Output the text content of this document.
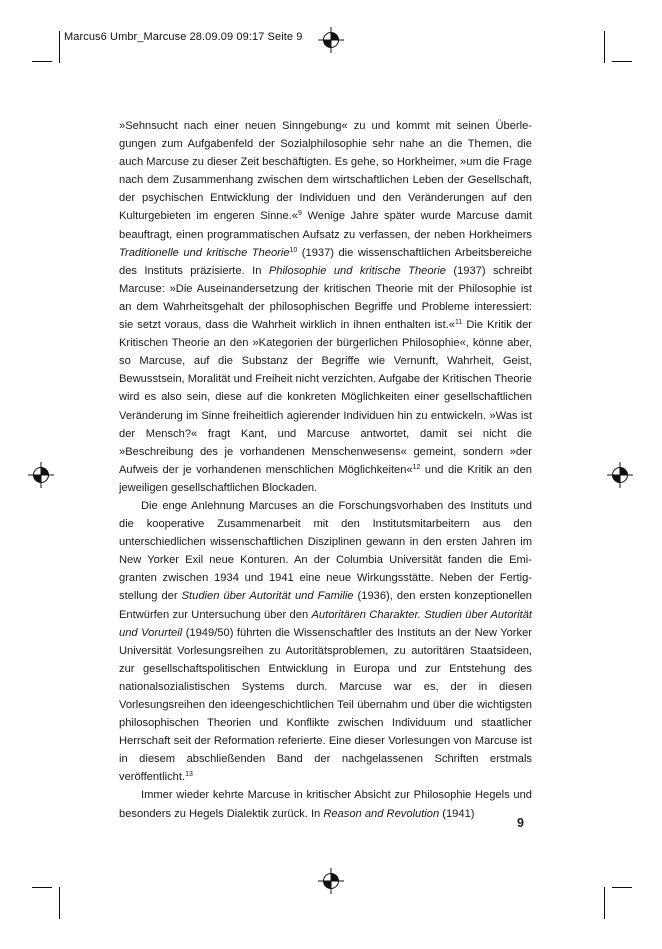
Marcus6 Umbr_Marcuse 28.09.09 09:17 Seite 9

»Sehnsucht nach einer neuen Sinngebung« zu und kommt mit seinen Überlegungen zum Aufgabenfeld der Sozialphilosophie sehr nahe an die Themen, die auch Marcuse zu dieser Zeit beschäftigten. Es gehe, so Horkheimer, »um die Frage nach dem Zusammenhang zwischen dem wirtschaftlichen Leben der Gesellschaft, der psychischen Entwicklung der Individuen und den Veränderungen auf den Kulturgebieten im engeren Sinne.«$^9$ Wenige Jahre später wurde Marcuse damit beauftragt, einen programmatischen Aufsatz zu verfassen, der neben Horkheimers Traditionelle und kritische Theorie$^{10}$ (1937) die wissenschaftlichen Arbeitsbereiche des Instituts präzisierte. In Philosophie und kritische Theorie (1937) schreibt Marcuse: »Die Auseinandersetzung der kritischen Theorie mit der Philosophie ist an dem Wahrheitsgehalt der philosophischen Begriffe und Probleme interessiert: sie setzt voraus, dass die Wahrheit wirklich in ihnen enthalten ist.«$^{11}$ Die Kritik der Kritischen Theorie an den »Kategorien der bürgerlichen Philosophie«, könne aber, so Marcuse, auf die Substanz der Begriffe wie Vernunft, Wahrheit, Geist, Bewusstsein, Moralität und Freiheit nicht verzichten. Aufgabe der Kritischen Theorie wird es also sein, diese auf die konkreten Möglichkeiten einer gesellschaftlichen Veränderung im Sinne freiheitlich agierender Individuen hin zu entwickeln. »Was ist der Mensch?« fragt Kant, und Marcuse antwortet, damit sei nicht die »Beschreibung des je vorhandenen Menschenwesens« gemeint, sondern »der Aufweis der je vorhandenen menschlichen Möglichkeiten«$^{12}$ und die Kritik an den jeweiligen gesellschaftlichen Blockaden.

Die enge Anlehnung Marcuses an die Forschungsvorhaben des Instituts und die kooperative Zusammenarbeit mit den Institutsmitarbeitern aus den unterschiedlichen wissenschaftlichen Disziplinen gewann in den ersten Jahren im New Yorker Exil neue Konturen. An der Columbia Universität fanden die Emigranten zwischen 1934 und 1941 eine neue Wirkungsstätte. Neben der Fertigstellung der Studien über Autorität und Familie (1936), den ersten konzeptionellen Entwürfen zur Untersuchung über den Autoritären Charakter. Studien über Autorität und Vorurteil (1949/50) führten die Wissenschaftler des Instituts an der New Yorker Universität Vorlesungsreihen zu Autoritätsproblemen, zu autoritären Staatsideen, zur gesellschaftspolitischen Entwicklung in Europa und zur Entstehung des nationalsozialistischen Systems durch. Marcuse war es, der in diesen Vorlesungsreihen den ideengeschichtlichen Teil übernahm und über die wichtigsten philosophischen Theorien und Konflikte zwischen Individuum und staatlicher Herrschaft seit der Reformation referierte. Eine dieser Vorlesungen von Marcuse ist in diesem abschließenden Band der nachgelassenen Schriften erstmals veröffentlicht.$^{13}$

Immer wieder kehrte Marcuse in kritischer Absicht zur Philosophie Hegels und besonders zu Hegels Dialektik zurück. In Reason and Revolution (1941)

9
